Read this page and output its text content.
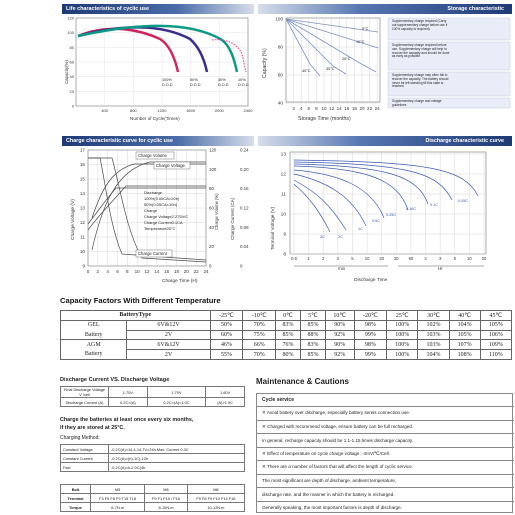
Life characteristics of cyclic use
Capacity(%)
Number of Cycle(Times)
120
100
80
60
40
20
0
400	800	1200	1600	2000	2400
100%
D.O.D
50%
D.O.D
30%
D.O.D
10%
D.O.D
Storage characteristic
Capacity (%)
Storage Time (months)
100
80
60
40
2 4 6 8 10 12 14 16 18 20 22 24
0°C
10°C
20°C
30°C
40°C
Supplementary charge required (Carry out supplementary charge before use if 100% capacity is required).
Supplementary charge required before use. Supplementary charge will help to recover the capacity and should be done as early as possible.
Supplementary charge may often fail to recover the capacity. The battery should never be left standing till this state is reached.
Supplementary charge and voltage guidelines
Charge characteristic curve for cyclic use
Charge Voltage (V)	Charge Current (CA)
Charge Volume (%)
Charge Time (H)
17
16
15
14
13
12
11
10
9
120
100
80
60
40
20
0
0.24
0.20
0.16
0.12
0.08
0.04
0
0 2 4 6 8 10 12 14 16 18 20 22 24
Charge Volume
Charge Voltage
Charge Current
Discharge
100%(0.05CA×20h)
50%(0.05CA×10h)
Charge
Charge Voltage2.275V/C
Charge Current0.1CA
Temperature25°C
Discharge characteristic curve
Terminal Voltage (V)
Discharge Time
13
12
11
10
9
8
0.6	1	2	3	5	10 20 30 60	2	3	5	10 20
min	Hr
3C	2C
1C
0.6C
0.25C
0.16C
0.1C
0.05C
Capacity Factors With Different Temperature
BatteryType		-25℃	-10℃	0℃	5℃	10℃	-20℃	25℃	30℃	40℃	45℃
GEL	6V&12V	50%	70%	83%	85%	90%	98%	100%	102%	104%	105%
Battery	2V	60%	75%	85%	88%	92%	99%	100%	103%	105%	106%
AGM	6V&12V	46%	66%	76%	83%	90%	98%	100%	103%	107%	109%
Battery	2V	55%	70%	80%	85%	92%	99%	100%	104%	108%	110%
Discharge Current VS. Discharge Voltage
Final Discharge Voltage V /cell	1.75V	1.70V	1.60V
Discharge Current (A)	0.2C>(A)	0.2C<(A)<1.0C	(A)>1.0C
Charge the batteries at least once every six months,
if they are stored at 25°C.
Charging Method:
Constant Voltage	-0.2C(A)×14.4-14.7V×24h,Max. Current 0.3C
Constant Current	-0.2C(A)×(h)-1C)-12h
Fast	-0.2C(A)×h-2.0C(4h
Bolt	M5	M6	M8
Terminal	F3 F5 F8 F9 T15 T18	F9 F1 F10 / F16	F9 F8 F9 F10 F14 F16
Torque	6-7N.m	8-10N.m	10-12N.m
Maintenance & Cautions
Cycle service
✕ Avoid battery over discharge, especially battery sereis connection use.
✕ Charged with recommend voltage, ensure battery can be full recharged.
In general, recharge capacity should be 1.1-1.15 times discharge capacity.
✕ Effect of temperature on cycle charge voltage: -4mV/℃/Cell.
✕ There are a number of factors that will affect the length of cyclic service.
The most significant are depth of discharge, ambient temperature,
discharge rate, and the manner in which the battery is recharged.
Generally speaking, the most important factors is depth of discharge.
